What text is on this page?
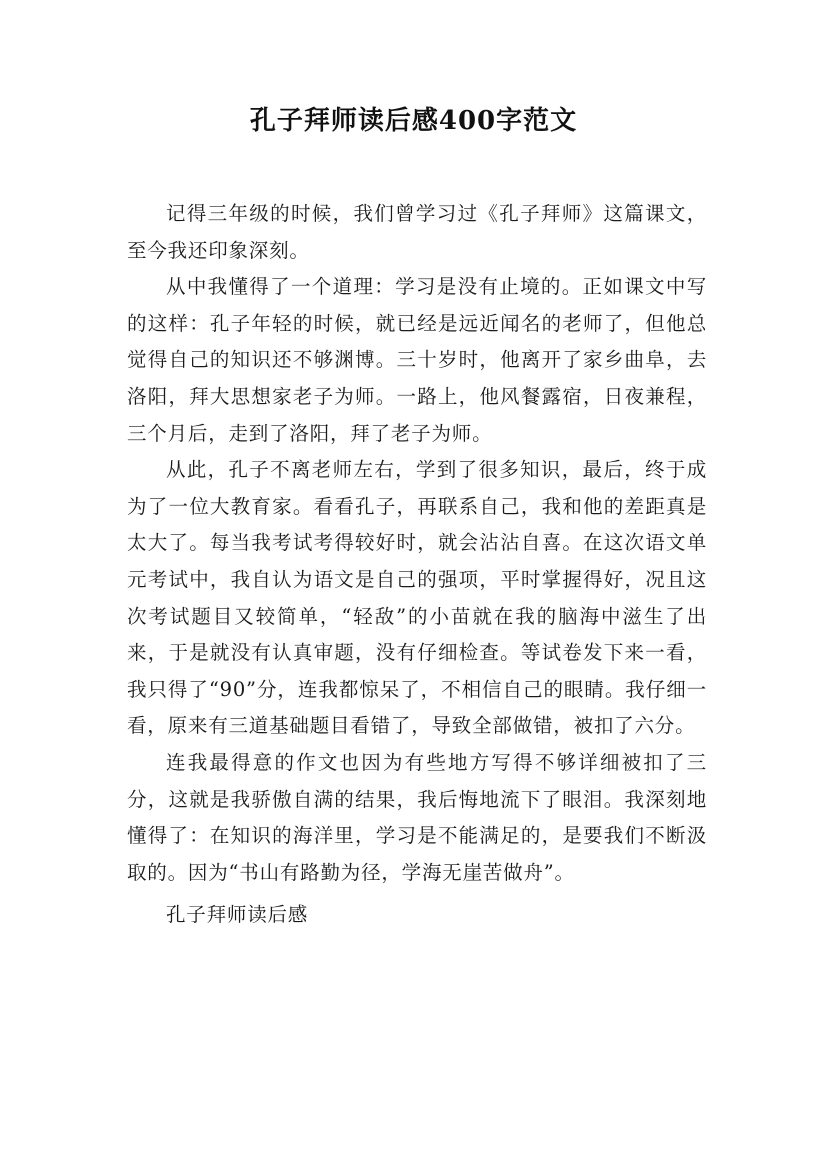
孔子拜师读后感400字范文

记得三年级的时候，我们曾学习过《孔子拜师》这篇课文，至今我还印象深刻。

从中我懂得了一个道理：学习是没有止境的。正如课文中写的这样：孔子年轻的时候，就已经是远近闻名的老师了，但他总觉得自己的知识还不够渊博。三十岁时，他离开了家乡曲阜，去洛阳，拜大思想家老子为师。一路上，他风餐露宿，日夜兼程，三个月后，走到了洛阳，拜了老子为师。

从此，孔子不离老师左右，学到了很多知识，最后，终于成为了一位大教育家。看看孔子，再联系自己，我和他的差距真是太大了。每当我考试考得较好时，就会沾沾自喜。在这次语文单元考试中，我自认为语文是自己的强项，平时掌握得好，况且这次考试题目又较简单，“轻敌”的小苗就在我的脑海中滋生了出来，于是就没有认真审题，没有仔细检查。等试卷发下来一看，我只得了“90”分，连我都惊呆了，不相信自己的眼睛。我仔细一看，原来有三道基础题目看错了，导致全部做错，被扣了六分。

连我最得意的作文也因为有些地方写得不够详细被扣了三分，这就是我骄傲自满的结果，我后悔地流下了眼泪。我深刻地懂得了：在知识的海洋里，学习是不能满足的，是要我们不断汲取的。因为“书山有路勤为径，学海无崖苦做舟”。

孔子拜师读后感
